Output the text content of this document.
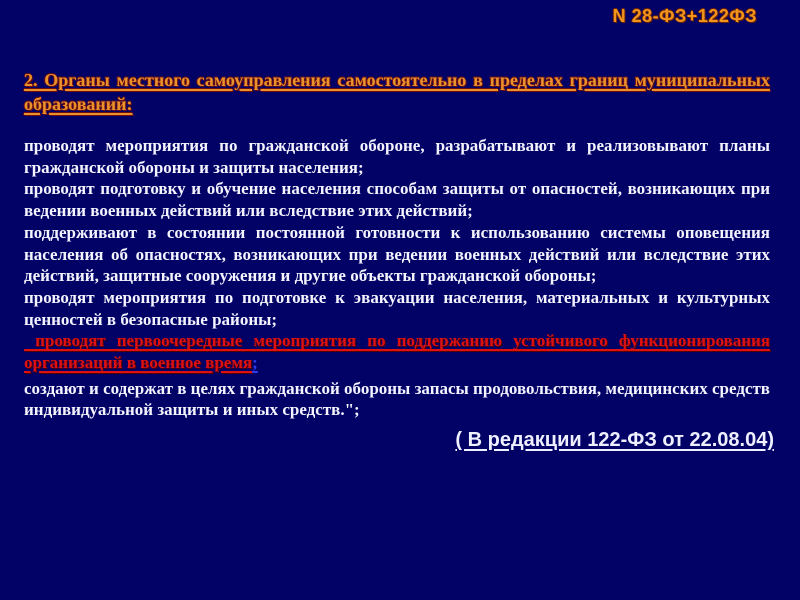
N 28-ФЗ+122ФЗ
2. Органы местного самоуправления самостоятельно в пределах границ муниципальных образований:

проводят мероприятия по гражданской обороне, разрабатывают и реализовывают планы гражданской обороны и защиты населения;

проводят подготовку и обучение населения способам защиты от опасностей, возникающих при ведении военных действий или вследствие этих действий;

поддерживают в состоянии постоянной готовности к использованию системы оповещения населения об опасностях, возникающих при ведении военных действий или вследствие этих действий, защитные сооружения и другие объекты гражданской обороны;

проводят мероприятия по подготовке к эвакуации населения, материальных и культурных ценностей в безопасные районы;

проводят первоочередные мероприятия по поддержанию устойчивого функционирования организаций в военное время;

создают и содержат в целях гражданской обороны запасы продовольствия, медицинских средств индивидуальной защиты и иных средств.";

( В редакции 122-ФЗ от 22.08.04)
